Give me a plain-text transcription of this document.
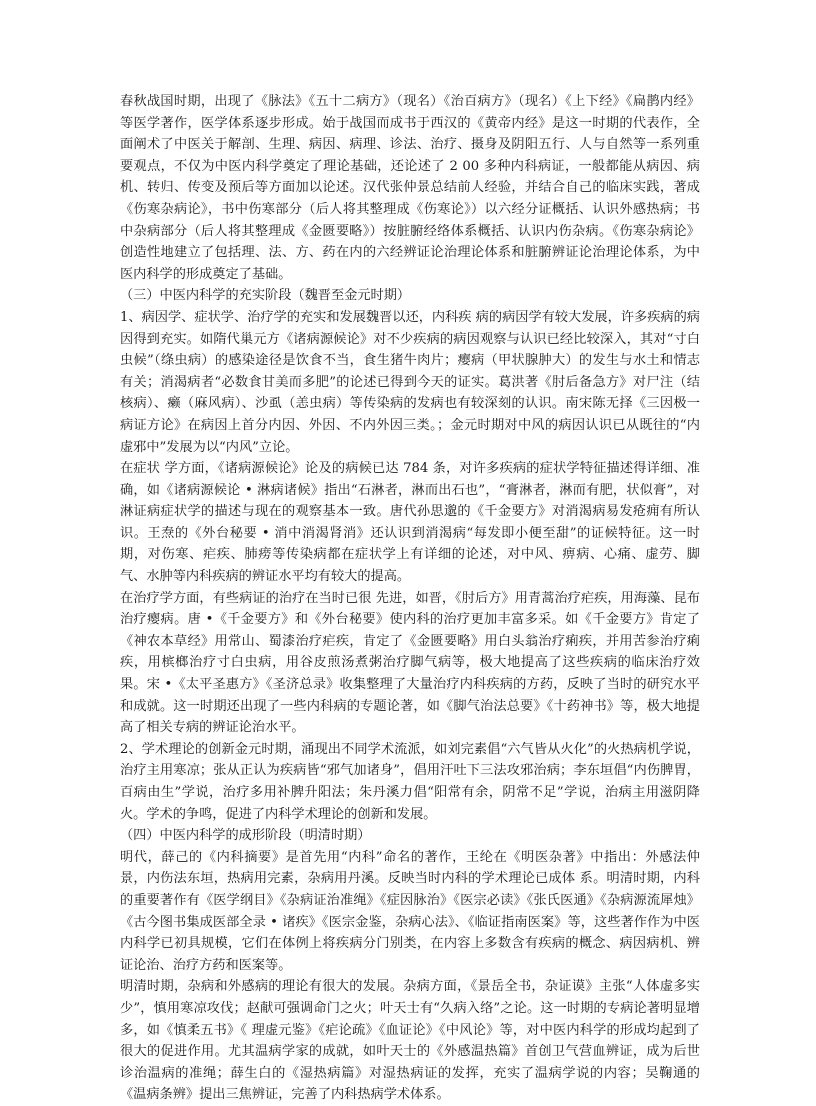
春秋战国时期，出现了《脉法》《五十二病方》（现名）《治百病方》（现名）《上下经》《扁鹊内经》等医学著作，医学体系逐步形成。始于战国而成书于西汉的《黄帝内经》是这一时期的代表作，全面阐术了中医关于解剖、生理、病因、病理、诊法、治疗、摄身及阴阳五行、人与自然等一系列重要观点，不仅为中医内科学奠定了理论基础，还论述了 2 00 多种内科病证，一般都能从病因、病机、转归、传变及预后等方面加以论述。汉代张仲景总结前人经验，并结合自己的临床实践，著成《伤寒杂病论》，书中伤寒部分（后人将其整理成《伤寒论》）以六经分证概括、认识外感热病；书中杂病部分（后人将其整理成《金匮要略》）按脏腑经络体系概括、认识内伤杂病。《伤寒杂病论》创造性地建立了包括理、法、方、药在内的六经辨证论治理论体系和脏腑辨证论治理论体系，为中医内科学的形成奠定了基础。

（三）中医内科学的充实阶段（魏晋至金元时期）

1、病因学、症状学、治疗学的充实和发展魏晋以还，内科疾 病的病因学有较大发展，许多疾病的病因得到充实。如隋代巢元方《诸病源候论》对不少疾病的病因观察与认识已经比较深入，其对“寸白虫候”（绦虫病）的感染途径是饮食不当，食生猪牛肉片；瘿病（甲状腺肿大）的发生与水土和情志有关；消渴病者“必数食甘美而多肥”的论述已得到今天的证实。葛洪著《肘后备急方》对尸注（结核病）、癞（麻风病）、沙虱（恙虫病）等传染病的发病也有较深刻的认识。南宋陈无择《三因极一病证方论》在病因上首分内因、外因、不内外因三类。；金元时期对中风的病因认识已从既往的“内虚邪中”发展为以“内风”立论。

在症状 学方面，《诸病源候论》论及的病候已达 784 条，对许多疾病的症状学特征描述得详细、准确，如《诸病源候论 • 淋病诸候》指出“石淋者，淋而出石也”，“膏淋者，淋而有肥，状似膏”，对淋证病症状学的描述与现在的观察基本一致。唐代孙思邈的《千金要方》对消渴病易发疮痈有所认识。王焘的《外台秘要 • 消中消渴肾消》还认识到消渴病“每发即小便至甜”的证候特征。这一时期，对伤寒、疟疾、肺痨等传染病都在症状学上有详细的论述，对中风、痹病、心痛、虚劳、脚气、水肿等内科疾病的辨证水平均有较大的提高。

在治疗学方面，有些病证的治疗在当时已很 先进，如晋，《肘后方》用青蒿治疗疟疾，用海藻、昆布治疗瘿病。唐 •《千金要方》和《外台秘要》使内科的治疗更加丰富多采。如《千金要方》肯定了《神农本草经》用常山、蜀漆治疗疟疾，肯定了《金匮要略》用白头翁治疗痢疾，并用苦参治疗痢疾，用槟榔治疗寸白虫病，用谷皮煎汤煮粥治疗脚气病等，极大地提高了这些疾病的临床治疗效果。宋 •《太平圣惠方》《圣济总录》收集整理了大量治疗内科疾病的方药，反映了当时的研究水平和成就。这一时期还出现了一些内科病的专题论著，如《脚气治法总要》《十药神书》等，极大地提高了相关专病的辨证论治水平。

2、学术理论的创新金元时期，涌现出不同学术流派，如刘完素倡“六气皆从火化”的火热病机学说，治疗主用寒凉；张从正认为疾病皆“邪气加诸身”，倡用汗吐下三法攻邪治病；李东垣倡“内伤脾胃，百病由生”学说，治疗多用补脾升阳法；朱丹溪力倡“阳常有余，阴常不足”学说，治病主用滋阴降火。学术的争鸣，促进了内科学术理论的创新和发展。

（四）中医内科学的成形阶段（明清时期）

明代，薛己的《内科摘要》是首先用“内科”命名的著作，王纶在《明医杂著》中指出：外感法仲景，内伤法东垣，热病用完素，杂病用丹溪。反映当时内科的学术理论已成体 系。明清时期，内科的重要著作有《医学纲目》《杂病证治准绳》《症因脉治》《医宗必读》《张氏医通》《杂病源流犀烛》《古今图书集成医部全录 • 诸疾》《医宗金鉴，杂病心法》、《临证指南医案》等，这些著作作为中医内科学已初具规模，它们在体例上将疾病分门别类，在内容上多数含有疾病的概念、病因病机、辨证论治、治疗方药和医案等。

明清时期，杂病和外感病的理论有很大的发展。杂病方面，《景岳全书，杂证谟》主张“人体虚多实少”，慎用寒凉攻伐；赵献可强调命门之火；叶天士有“久病入络”之论。这一时期的专病论著明显增多，如《慎柔五书》《 理虚元鉴》《疟论疏》《血证论》《中风论》等，对中医内科学的形成均起到了很大的促进作用。尤其温病学家的成就，如叶天士的《外感温热篇》首创卫气营血辨证，成为后世诊治温病的准绳；薛生白的《湿热病篇》对湿热病证的发挥，充实了温病学说的内容；吴鞠通的《温病条辨》提出三焦辨证，完善了内科热病学术体系。
